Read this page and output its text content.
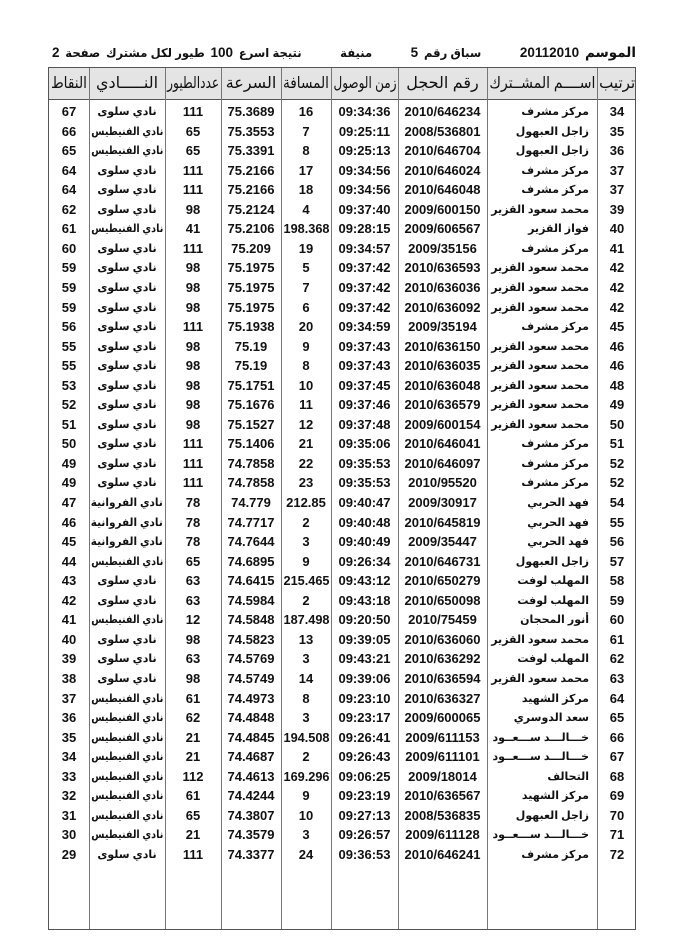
الموسم
20112010
سباق رقم
5
منيفة
نتيجة اسرع
100
طيور لكل مشترك
صفحة
2
ترتيب
اســــم المشــترك
رقم الحجل
زمن الوصول
المسافة
السرعة
عددالطيور
النـــــادي
النقاط
34
مركز مشرف
2010/646234
09:34:36
16
75.3689
111
نادي سلوى
67
35
زاجل العبهول
2008/536801
09:25:11
7
75.3553
65
نادي الفنيطيس
66
36
زاجل العبهول
2010/646704
09:25:13
8
75.3391
65
نادي الفنيطيس
65
37
مركز مشرف
2010/646024
09:34:56
17
75.2166
111
نادي سلوى
64
37
مركز مشرف
2010/646048
09:34:56
18
75.2166
111
نادي سلوى
64
39
محمد سعود القزير
2009/600150
09:37:40
4
75.2124
98
نادي سلوى
62
40
فواز القزير
2009/606567
09:28:15
198.368
75.2106
41
نادي الفنيطيس
61
41
مركز مشرف
2009/35156
09:34:57
19
75.209
111
نادي سلوى
60
42
محمد سعود القزير
2010/636593
09:37:42
5
75.1975
98
نادي سلوى
59
42
محمد سعود القزير
2010/636036
09:37:42
7
75.1975
98
نادي سلوى
59
42
محمد سعود القزير
2010/636092
09:37:42
6
75.1975
98
نادي سلوى
59
45
مركز مشرف
2009/35194
09:34:59
20
75.1938
111
نادي سلوى
56
46
محمد سعود القزير
2010/636150
09:37:43
9
75.19
98
نادي سلوى
55
46
محمد سعود القزير
2010/636035
09:37:43
8
75.19
98
نادي سلوى
55
48
محمد سعود القزير
2010/636048
09:37:45
10
75.1751
98
نادي سلوى
53
49
محمد سعود القزير
2010/636579
09:37:46
11
75.1676
98
نادي سلوى
52
50
محمد سعود القزير
2009/600154
09:37:48
12
75.1527
98
نادي سلوى
51
51
مركز مشرف
2010/646041
09:35:06
21
75.1406
111
نادي سلوى
50
52
مركز مشرف
2010/646097
09:35:53
22
74.7858
111
نادي سلوى
49
52
مركز مشرف
2010/95520
09:35:53
23
74.7858
111
نادي سلوى
49
54
فهد الحربي
2009/30917
09:40:47
212.85
74.779
78
نادي الفروانية
47
55
فهد الحربي
2010/645819
09:40:48
2
74.7717
78
نادي الفروانية
46
56
فهد الحربي
2009/35447
09:40:49
3
74.7644
78
نادي الفروانية
45
57
زاجل العبهول
2010/646731
09:26:34
9
74.6895
65
نادي الفنيطيس
44
58
المهلب لوفت
2010/650279
09:43:12
215.465
74.6415
63
نادي سلوى
43
59
المهلب لوفت
2010/650098
09:43:18
2
74.5984
63
نادي سلوى
42
60
أنور المحجان
2010/75459
09:20:50
187.498
74.5848
12
نادي الفنيطيس
41
61
محمد سعود القزير
2010/636060
09:39:05
13
74.5823
98
نادي سلوى
40
62
المهلب لوفت
2010/636292
09:43:21
3
74.5769
63
نادي سلوى
39
63
محمد سعود القزير
2010/636594
09:39:06
14
74.5749
98
نادي سلوى
38
64
مركز الشهيد
2010/636327
09:23:10
8
74.4973
61
نادي الفنيطيس
37
65
سعد الدوسري
2009/600065
09:23:17
3
74.4848
62
نادي الفنيطيس
36
66
خـــالـــد ســـعــود
2009/611153
09:26:41
194.508
74.4845
21
نادي الفنيطيس
35
67
خـــالـــد ســـعــود
2009/611101
09:26:43
2
74.4687
21
نادي الفنيطيس
34
68
التحالف
2009/18014
09:06:25
169.296
74.4613
112
نادي الفنيطيس
33
69
مركز الشهيد
2010/636567
09:23:19
9
74.4244
61
نادي الفنيطيس
32
70
زاجل العبهول
2008/536835
09:27:13
10
74.3807
65
نادي الفنيطيس
31
71
خـــالـــد ســـعــود
2009/611128
09:26:57
3
74.3579
21
نادي الفنيطيس
30
72
مركز مشرف
2010/646241
09:36:53
24
74.3377
111
نادي سلوى
29
